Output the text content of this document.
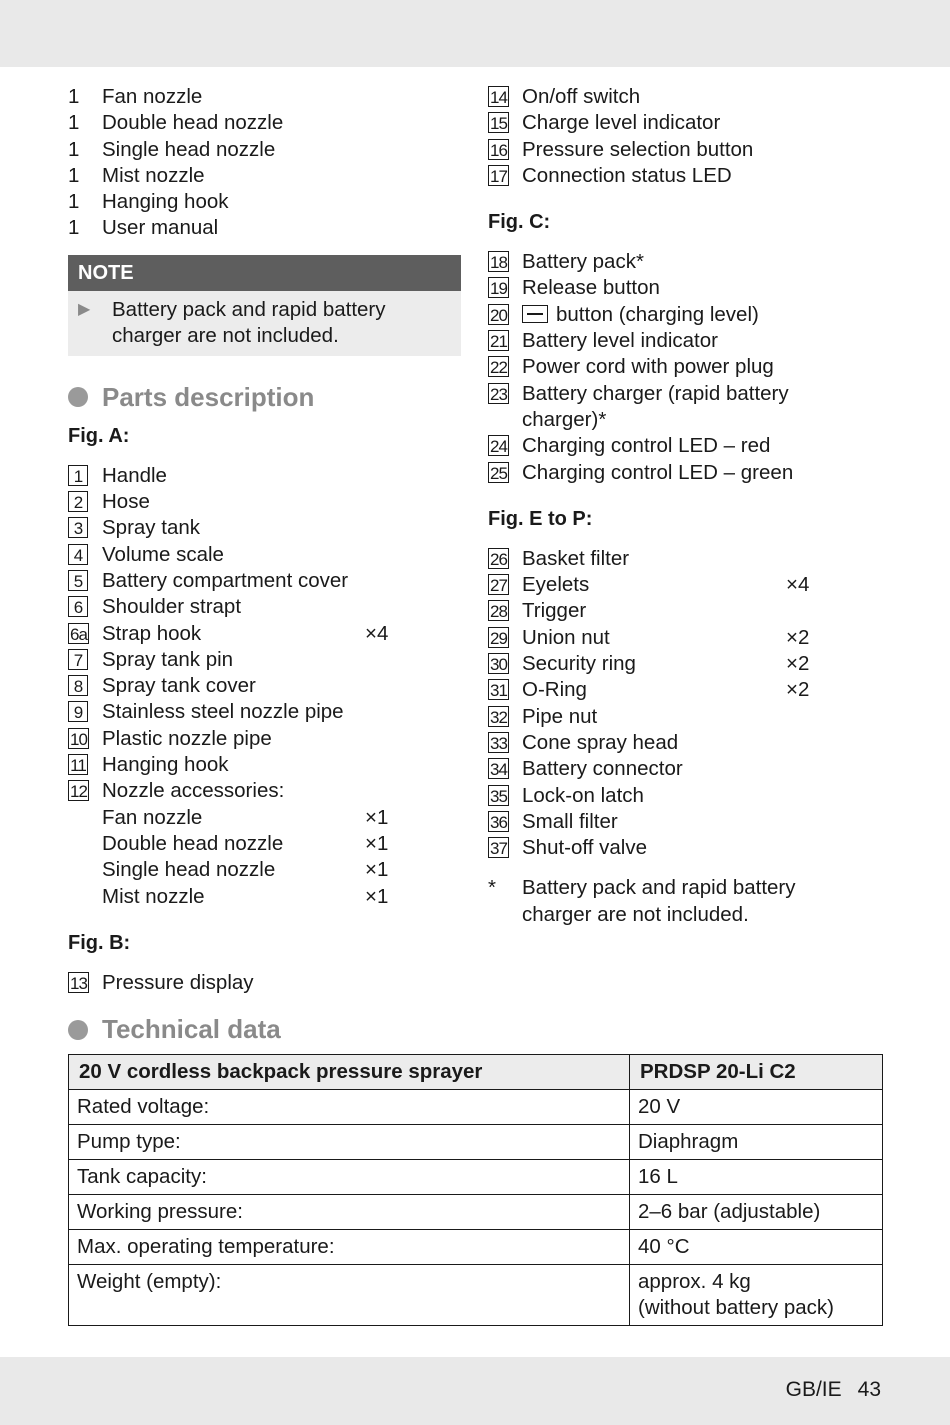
1	Fan nozzle
1	Double head nozzle
1	Single head nozzle
1	Mist nozzle
1	Hanging hook
1	User manual
NOTE
▶	Battery pack and rapid battery charger are not included.
Parts description
Fig. A:
1 Handle
2 Hose
3 Spray tank
4 Volume scale
5 Battery compartment cover
6 Shoulder strapt
6a Strap hook	×4
7 Spray tank pin
8 Spray tank cover
9 Stainless steel nozzle pipe
10 Plastic nozzle pipe
11 Hanging hook
12 Nozzle accessories:
Fan nozzle	×1
Double head nozzle	×1
Single head nozzle	×1
Mist nozzle	×1
Fig. B:
13 Pressure display
14 On/off switch
15 Charge level indicator
16 Pressure selection button
17 Connection status LED
Fig. C:
18 Battery pack*
19 Release button
20	button (charging level)
21 Battery level indicator
22 Power cord with power plug
23 Battery charger (rapid battery charger)*
24 Charging control LED – red
25 Charging control LED – green
Fig. E to P:
26 Basket filter
27 Eyelets	×4
28 Trigger
29 Union nut	×2
30 Security ring	×2
31 O-Ring	×2
32 Pipe nut
33 Cone spray head
34 Battery connector
35 Lock-on latch
36 Small filter
37 Shut-off valve
*	Battery pack and rapid battery charger are not included.
Technical data
20 V cordless backpack pressure sprayer	PRDSP 20-Li C2
Rated voltage:	20 V
Pump type:	Diaphragm
Tank capacity:	16 L
Working pressure:	2–6 bar (adjustable)
Max. operating temperature:	40 °C
Weight (empty):	approx. 4 kg
(without battery pack)
GB/IE 43
